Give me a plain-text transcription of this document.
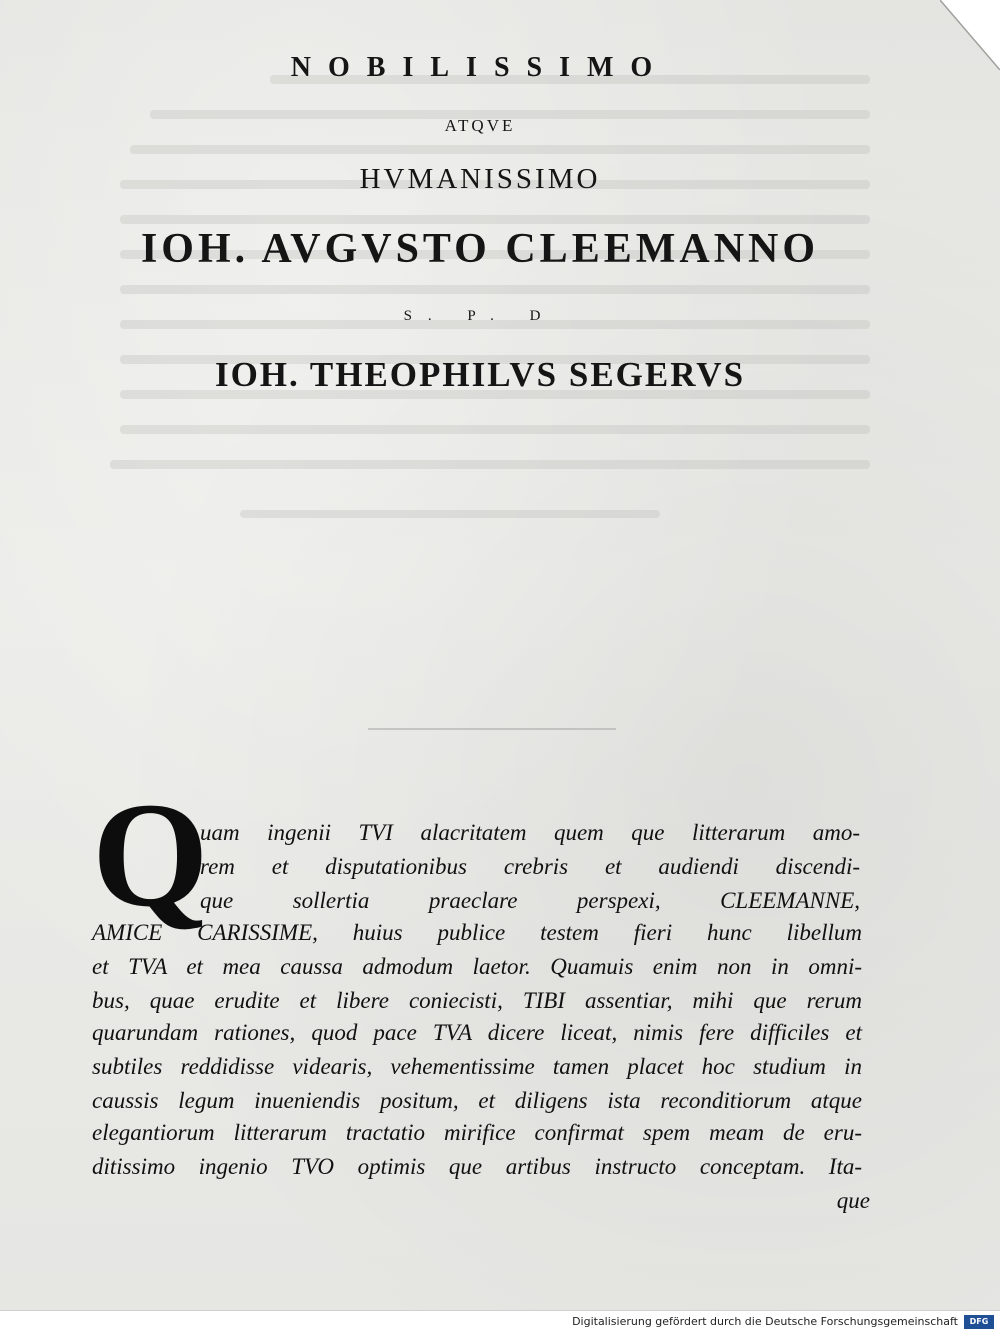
NOBILISSIMO
ATQVE
HVMANISSIMO
IOH. AVGVSTO CLEEMANNO
S. P. D
IOH. THEOPHILVS SEGERVS
Q

uam ingenii TVI alacritatem quem que litterarum amo-

rem et disputationibus crebris et audiendi discendi-

que sollertia praeclare perspexi, CLEEMANNE,

AMICE CARISSIME, huius publice testem fieri hunc libellum

et TVA et mea caussa admodum laetor. Quamuis enim non in omni-

bus, quae erudite et libere coniecisti, TIBI assentiar, mihi que rerum

quarundam rationes, quod pace TVA dicere liceat, nimis fere difficiles et

subtiles reddidisse videaris, vehementissime tamen placet hoc studium in

caussis legum inueniendis positum, et diligens ista reconditiorum atque

elegantiorum litterarum tractatio mirifice confirmat spem meam de eru-

ditissimo ingenio TVO optimis que artibus instructo conceptam. Ita-

que

Digitalisierung gefördert durch die Deutsche Forschungsgemeinschaft	DFG
